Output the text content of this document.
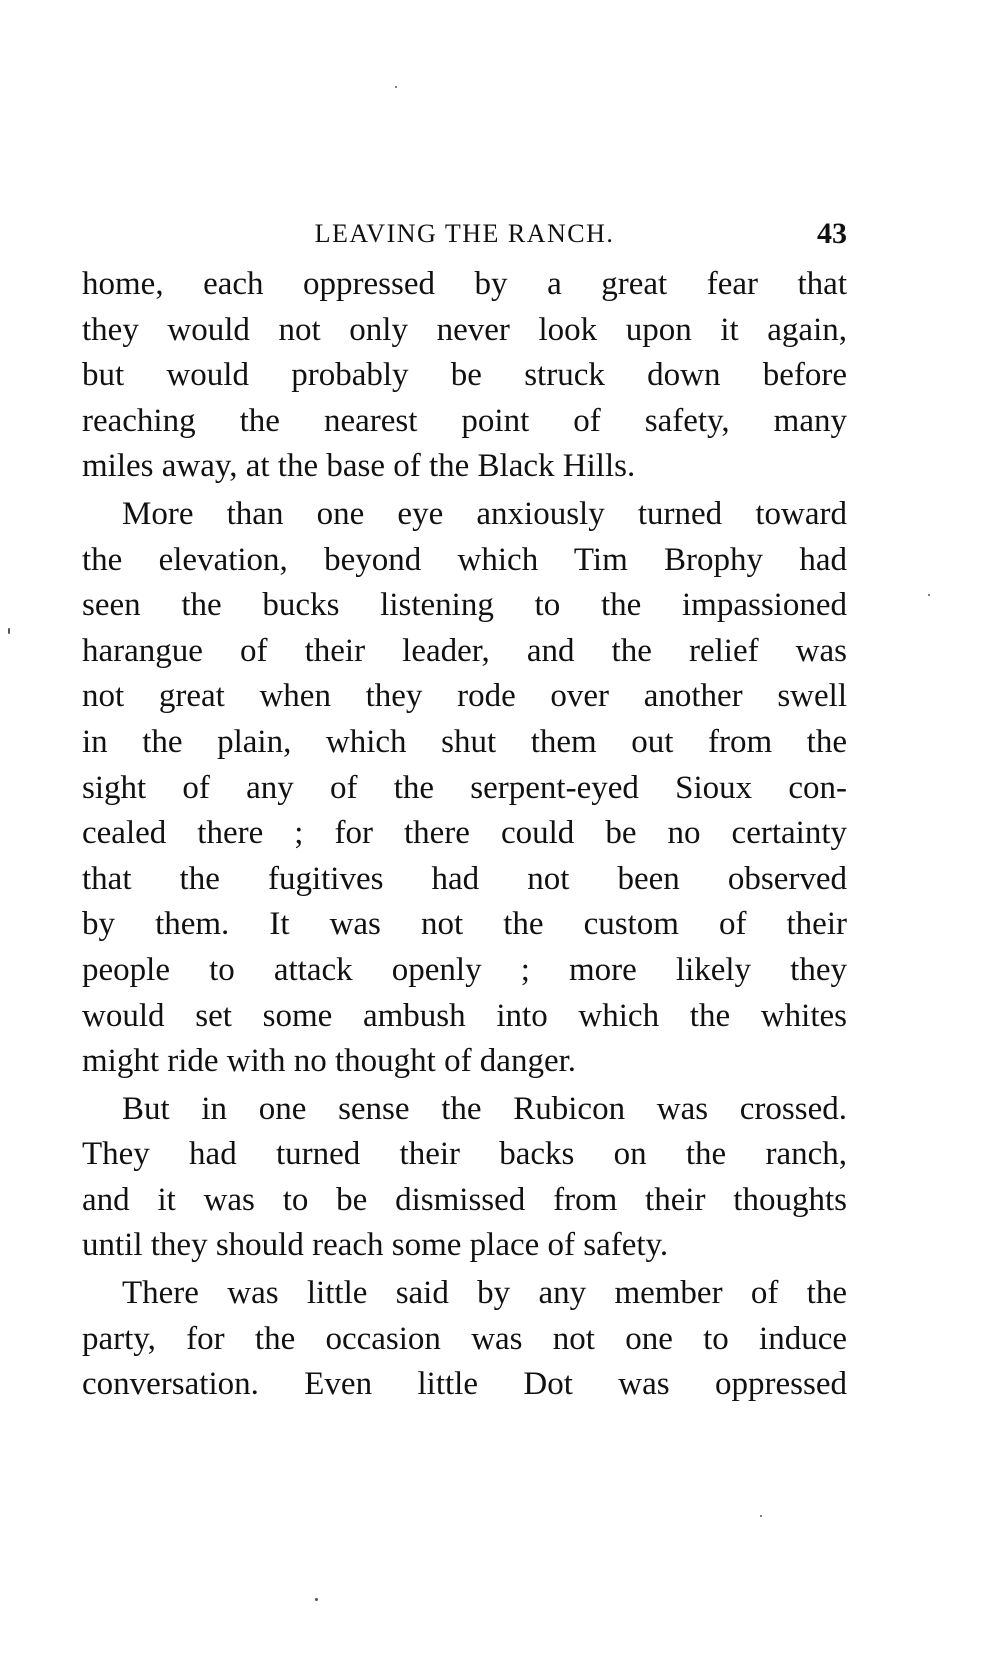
LEAVING THE RANCH.	43

home, each oppressed by a great fear that
they would not only never look upon it again,
but would probably be struck down before
reaching the nearest point of safety, many
miles away, at the base of the Black Hills.

More than one eye anxiously turned toward
the elevation, beyond which Tim Brophy had
seen the bucks listening to the impassioned
harangue of their leader, and the relief was
not great when they rode over another swell
in the plain, which shut them out from the
sight of any of the serpent-eyed Sioux con-
cealed there ; for there could be no certainty
that the fugitives had not been observed
by them. It was not the custom of their
people to attack openly ; more likely they
would set some ambush into which the whites
might ride with no thought of danger.

But in one sense the Rubicon was crossed.
They had turned their backs on the ranch,
and it was to be dismissed from their thoughts
until they should reach some place of safety.

There was little said by any member of the
party, for the occasion was not one to induce
conversation. Even little Dot was oppressed
